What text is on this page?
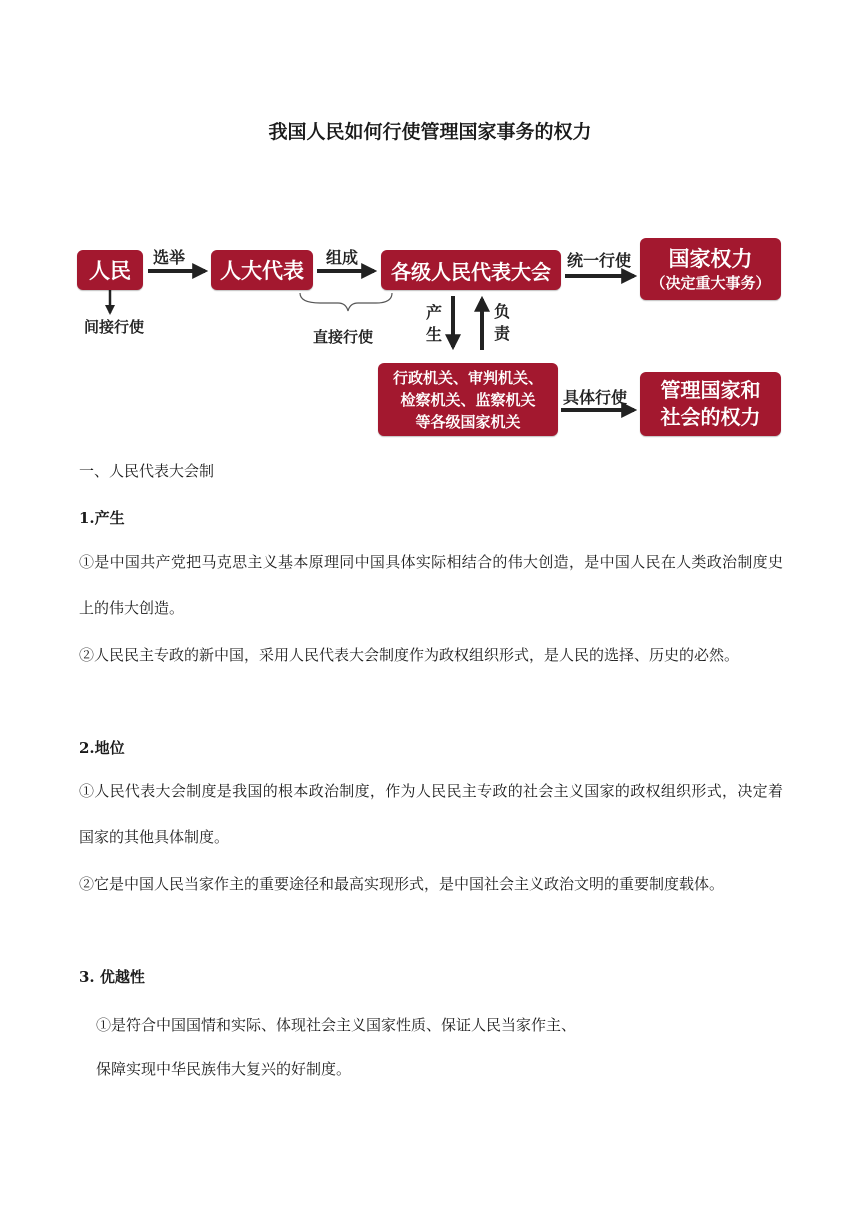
我国人民如何行使管理国家事务的权力
人民	人大代表	各级人民代表大会
国家权力
（决定重大事务）
行政机关、审判机关、
检察机关、监察机关
等各级国家机关
管理国家和
社会的权力
选举	组成	统一行使
具体行使
间接行使
直接行使
产生
负责
一、人民代表大会制
1.产生
①是中国共产党把马克思主义基本原理同中国具体实际相结合的伟大创造，是中国人民在人类政治制度史上的伟大创造。
②人民民主专政的新中国，采用人民代表大会制度作为政权组织形式，是人民的选择、历史的必然。
2.地位
①人民代表大会制度是我国的根本政治制度，作为人民民主专政的社会主义国家的政权组织形式，决定着国家的其他具体制度。
②它是中国人民当家作主的重要途径和最高实现形式，是中国社会主义政治文明的重要制度载体。
3. 优越性
①是符合中国国情和实际、体现社会主义国家性质、保证人民当家作主、
保障实现中华民族伟大复兴的好制度。
